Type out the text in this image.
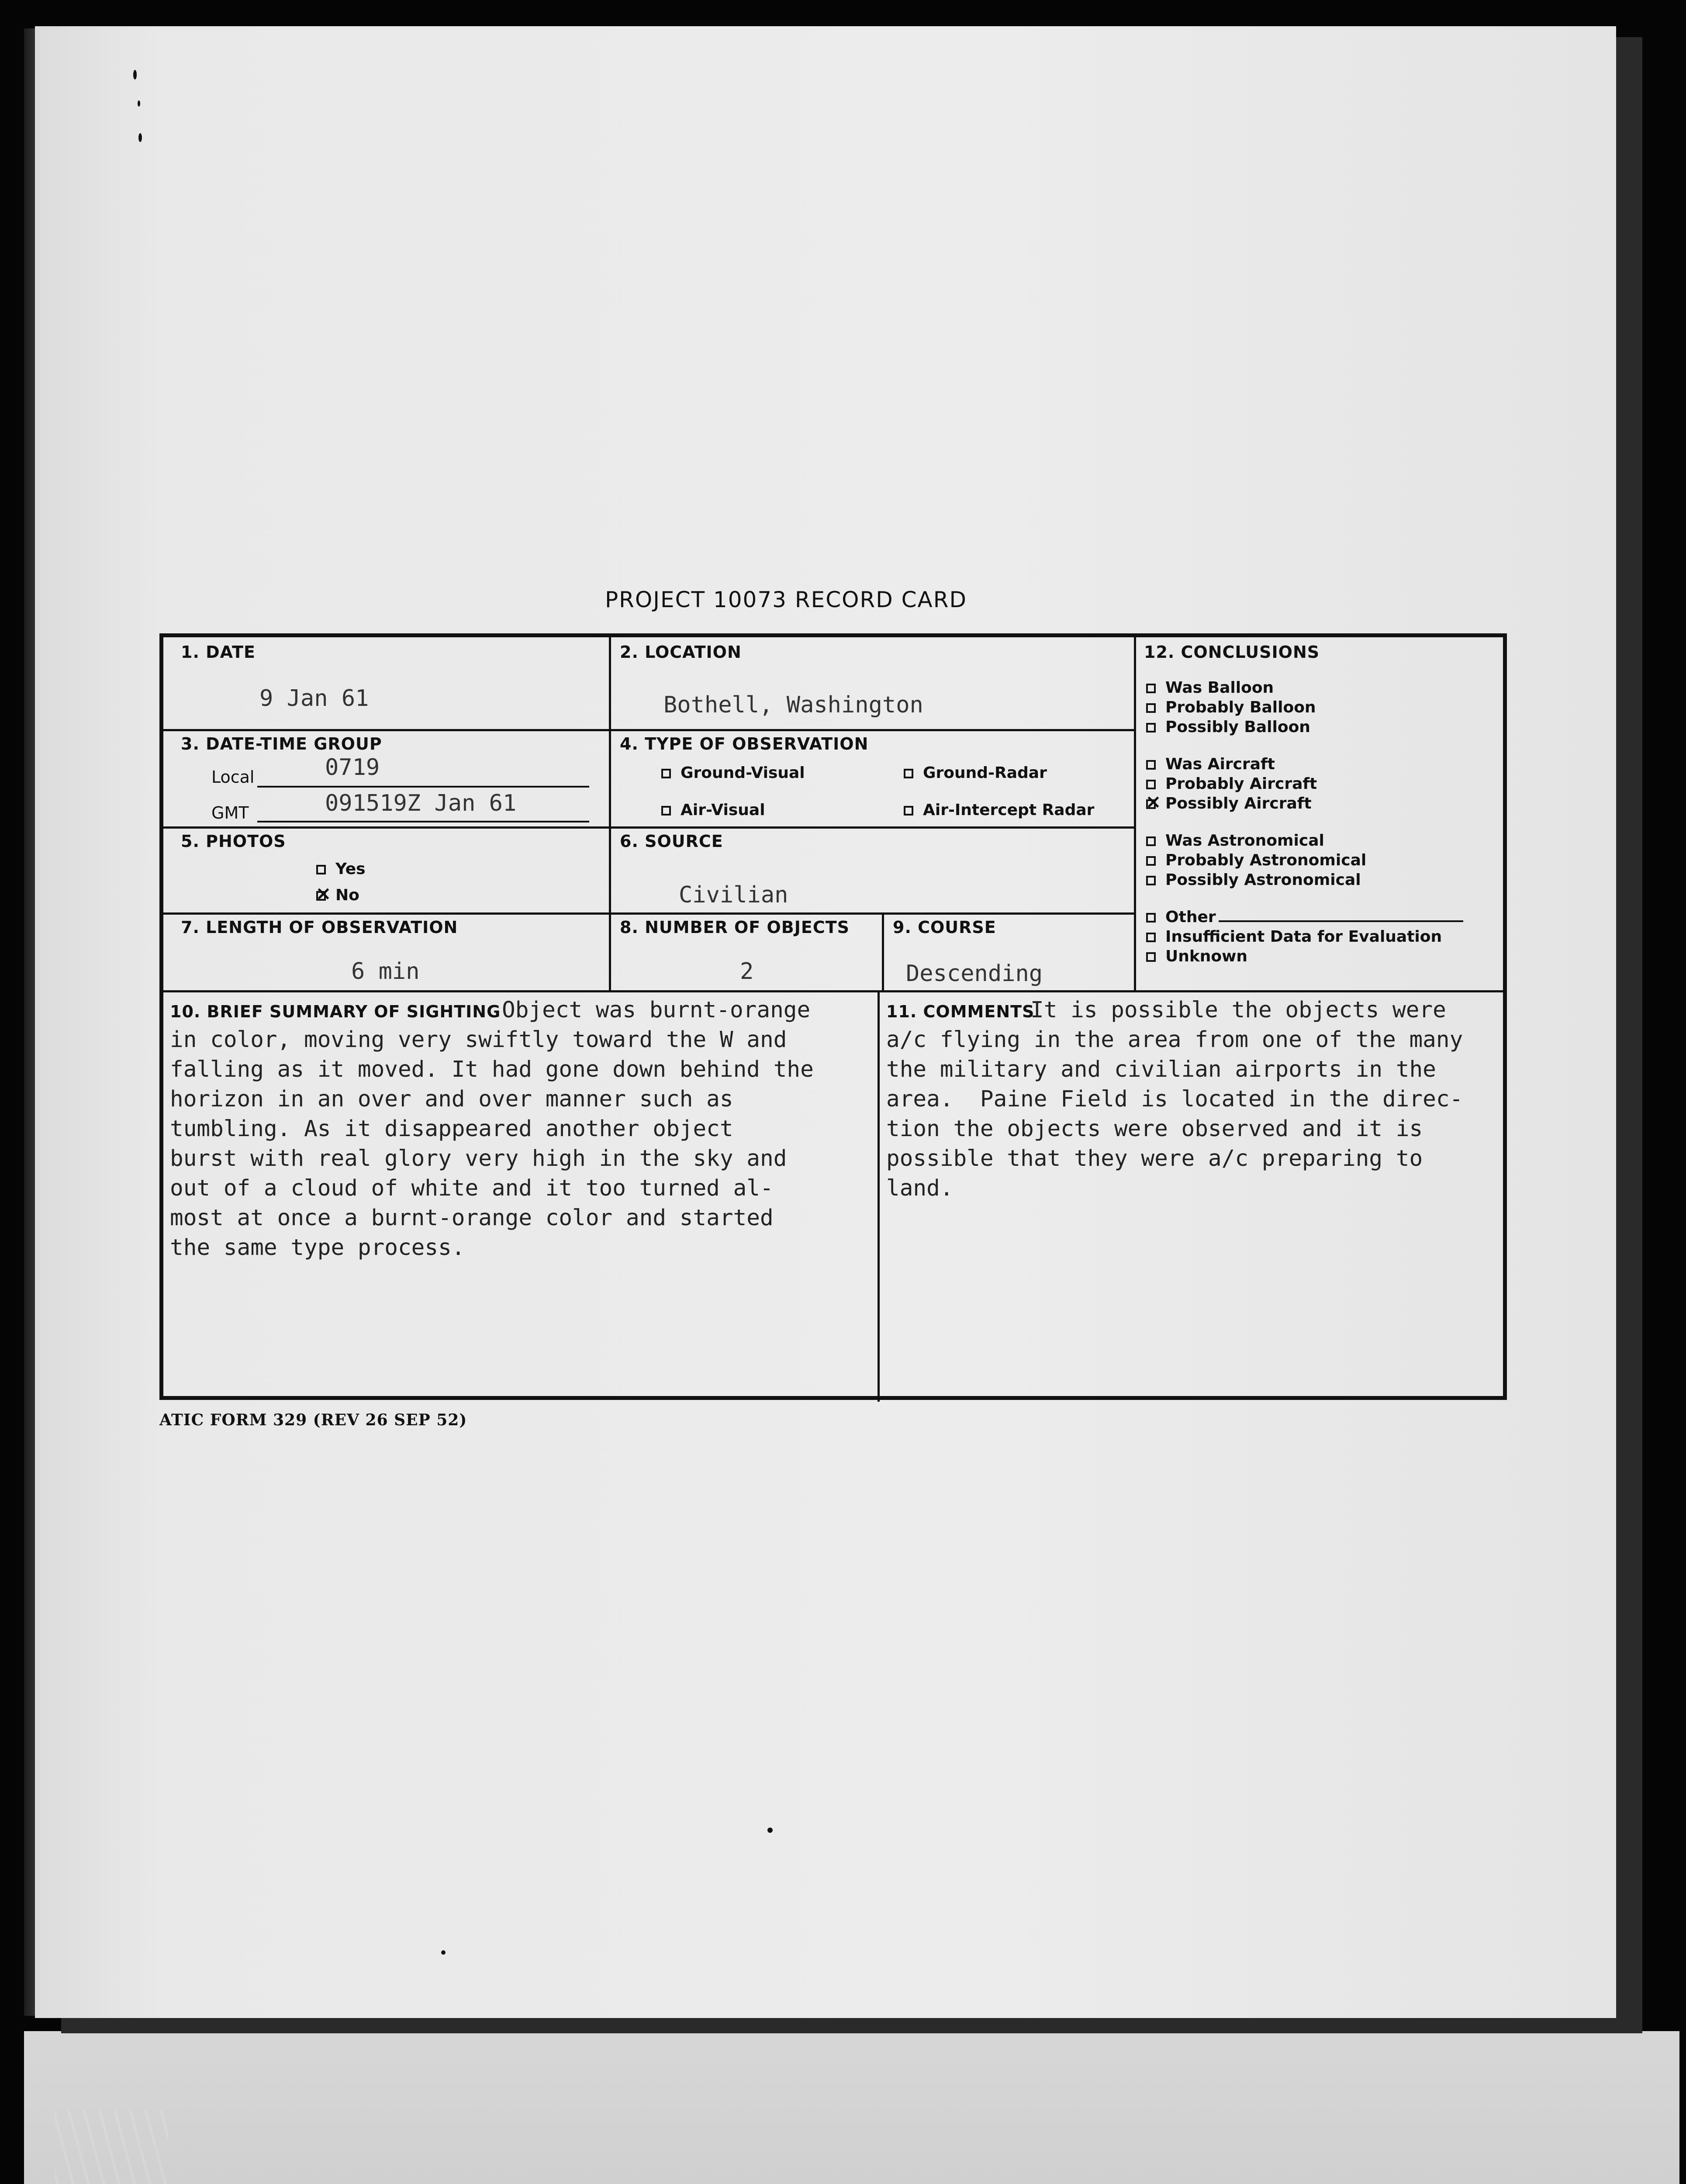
PROJECT 10073 RECORD CARD
1. DATE
9 Jan 61
2. LOCATION
Bothell, Washington
3. DATE-TIME GROUP
Local	0719
GMT	091519Z Jan 61
4. TYPE OF OBSERVATION
Ground-Visual	Ground-Radar
Air-Visual	Air-Intercept Radar
5. PHOTOS
Yes
×No
6. SOURCE
Civilian
7. LENGTH OF OBSERVATION
6 min
8. NUMBER OF OBJECTS
2
9. COURSE
Descending
12. CONCLUSIONS
Was Balloon
Probably Balloon
Possibly Balloon
Was Aircraft
Probably Aircraft
×Possibly Aircraft
Was Astronomical
Probably Astronomical
Possibly Astronomical
Other
Insufficient Data for Evaluation
Unknown
10. BRIEF SUMMARY OF SIGHTING Object was burnt-orange
in color, moving very swiftly toward the W and
falling as it moved. It had gone down behind the
horizon in an over and over manner such as
tumbling. As it disappeared another object
burst with real glory very high in the sky and
out of a cloud of white and it too turned al-
most at once a burnt-orange color and started
the same type process.
11. COMMENTS
It is possible the objects were
a/c flying in the area from one of the many
the military and civilian airports in the
area.  Paine Field is located in the direc-
tion the objects were observed and it is
possible that they were a/c preparing to
land.
ATIC FORM 329 (REV 26 SEP 52)
